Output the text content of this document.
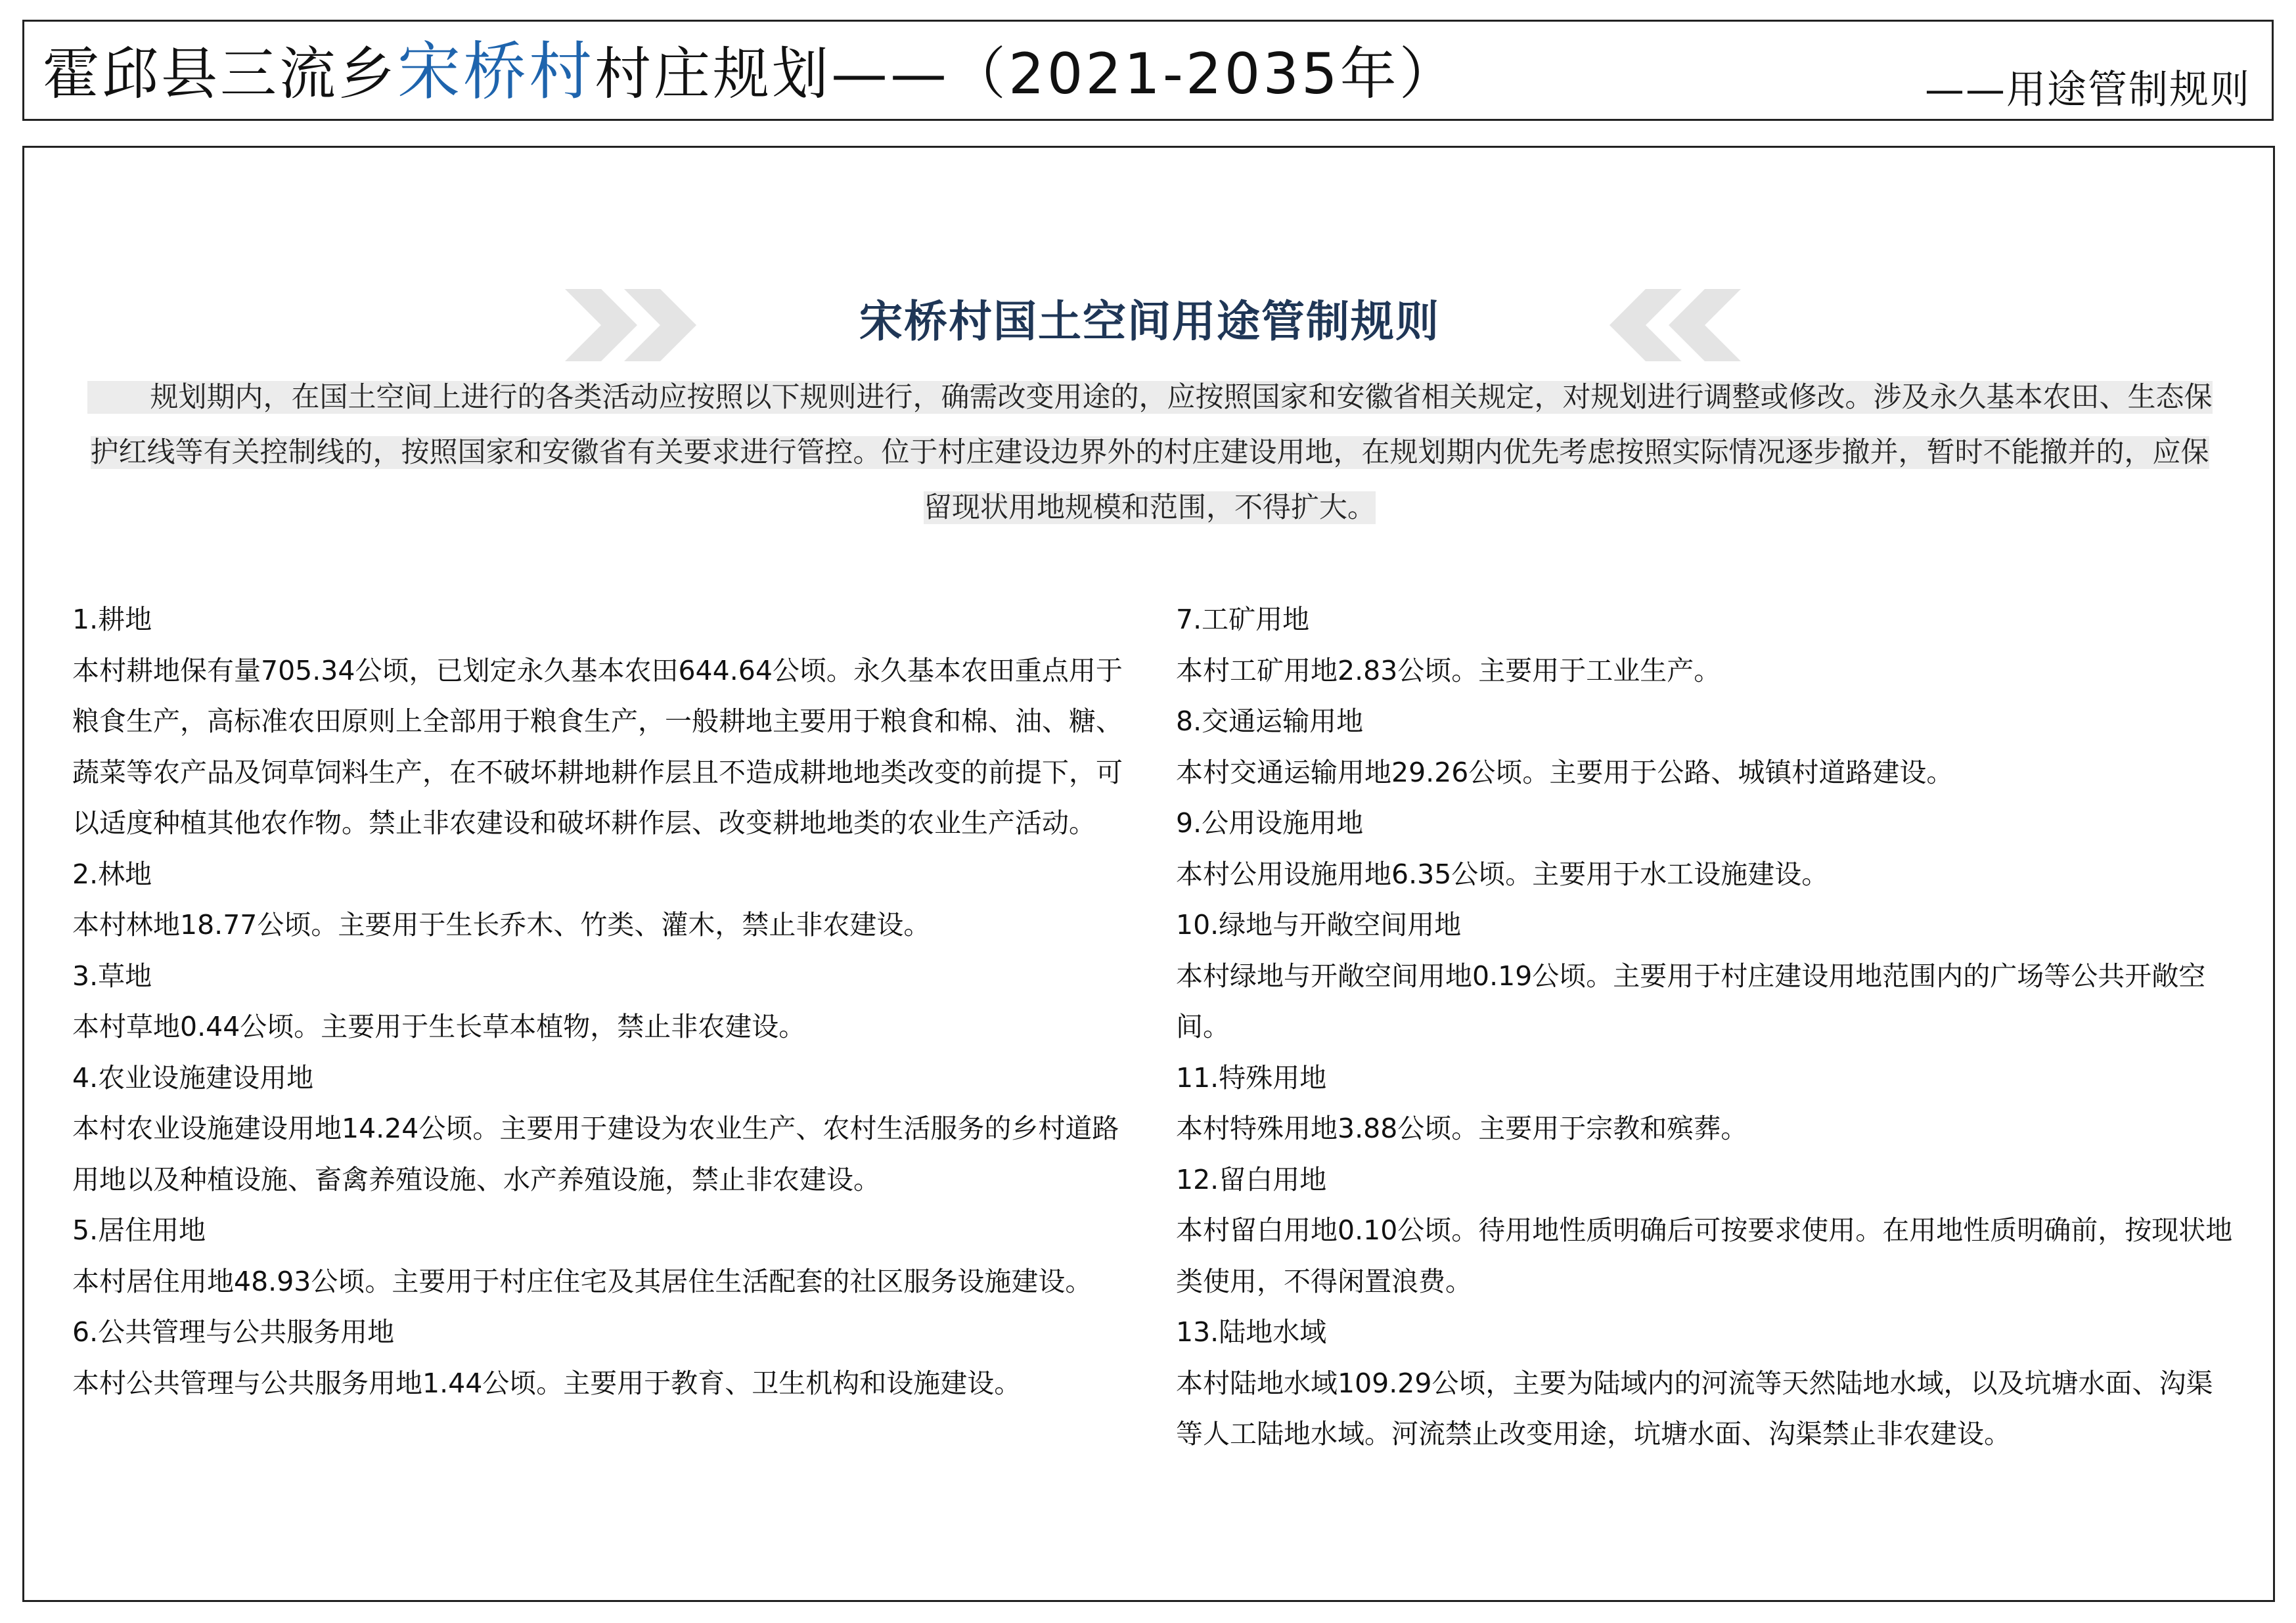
霍邱县三流乡宋桥村村庄规划——（2021-2035年）	——用途管制规则
宋桥村国土空间用途管制规则
规划期内，在国土空间上进行的各类活动应按照以下规则进行，确需改变用途的，应按照国家和安徽省相关规定，对规划进行调整或修改。涉及永久基本农田、生态保护红线等有关控制线的，按照国家和安徽省有关要求进行管控。位于村庄建设边界外的村庄建设用地，在规划期内优先考虑按照实际情况逐步撤并，暂时不能撤并的，应保留现状用地规模和范围，不得扩大。

1.耕地

本村耕地保有量705.34公顷，已划定永久基本农田644.64公顷。永久基本农田重点用于粮食生产，高标准农田原则上全部用于粮食生产，一般耕地主要用于粮食和棉、油、糖、蔬菜等农产品及饲草饲料生产，在不破坏耕地耕作层且不造成耕地地类改变的前提下，可以适度种植其他农作物。禁止非农建设和破坏耕作层、改变耕地地类的农业生产活动。

2.林地

本村林地18.77公顷。主要用于生长乔木、竹类、灌木，禁止非农建设。

3.草地

本村草地0.44公顷。主要用于生长草本植物，禁止非农建设。

4.农业设施建设用地

本村农业设施建设用地14.24公顷。主要用于建设为农业生产、农村生活服务的乡村道路用地以及种植设施、畜禽养殖设施、水产养殖设施，禁止非农建设。

5.居住用地

本村居住用地48.93公顷。主要用于村庄住宅及其居住生活配套的社区服务设施建设。

6.公共管理与公共服务用地

本村公共管理与公共服务用地1.44公顷。主要用于教育、卫生机构和设施建设。

7.工矿用地

本村工矿用地2.83公顷。主要用于工业生产。

8.交通运输用地

本村交通运输用地29.26公顷。主要用于公路、城镇村道路建设。

9.公用设施用地

本村公用设施用地6.35公顷。主要用于水工设施建设。

10.绿地与开敞空间用地

本村绿地与开敞空间用地0.19公顷。主要用于村庄建设用地范围内的广场等公共开敞空间。

11.特殊用地

本村特殊用地3.88公顷。主要用于宗教和殡葬。

12.留白用地

本村留白用地0.10公顷。待用地性质明确后可按要求使用。在用地性质明确前，按现状地类使用，不得闲置浪费。

13.陆地水域

本村陆地水域109.29公顷，主要为陆域内的河流等天然陆地水域，以及坑塘水面、沟渠等人工陆地水域。河流禁止改变用途，坑塘水面、沟渠禁止非农建设。
